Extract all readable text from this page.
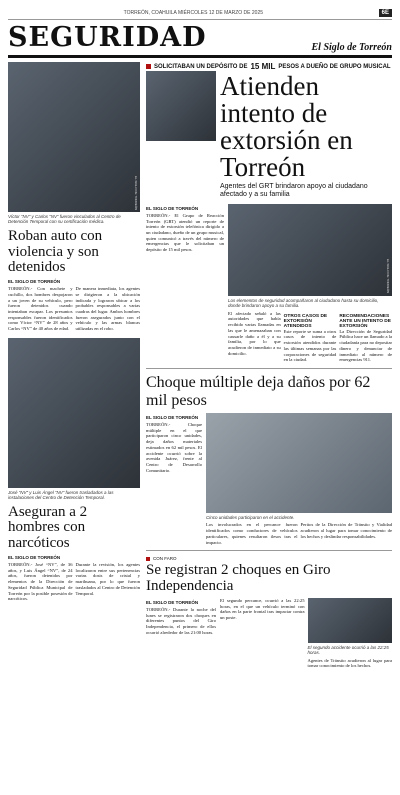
TORREÓN, COAHUILA MIÉRCOLES 12 DE MARZO DE 2025	6E
SEGURIDAD	El Siglo de Torreón
EL SIGLO DE TORREÓN
Víctor “NV” y Carlos “NV” fueron vinculados al Centro de Detención Temporal con su certificación médica.
Roban auto con violencia y son detenidos
EL SIGLO DE TORREÓN

TORREÓN.- Con machete y cuchillo, dos hombres despojaron a un joven de su vehículo, pero fueron detenidos cuando intentaban escapar. Los presuntos responsables fueron identificados como Víctor “NV” de 28 años y Carlos “NV” de 40 años de edad.

De manera inmediata, los agentes se dirigieron a la ubicación indicada y lograron ubicar a los probables responsables a varias cuadras del lugar. Ambos hombres fueron asegurados junto con el vehículo y las armas blancas utilizadas en el robo.

José “NV” y Luis Ángel “NV” fueron trasladados a las instalaciones del Centro de Detención Temporal.
Aseguran a 2 hombres con narcóticos
EL SIGLO DE TORREÓN

TORREÓN.- José “NV”, de 36 años, y Luis Ángel “NV”, de 24 años, fueron detenidos por elementos de la Dirección de Seguridad Pública Municipal de Torreón por la posible posesión de narcóticos.

Durante la revisión, los agentes localizaron entre sus pertenencias varias dosis de cristal y marihuana, por lo que fueron trasladados al Centro de Detención Temporal.

SOLICITABAN UN DEPÓSITO DE 15 MIL PESOS A DUEÑO DE GRUPO MUSICAL
Atienden intento de extorsión en Torreón
Agentes del GRT brindaron apoyo al ciudadano afectado y a su familia
EL SIGLO DE TORREÓN

TORREÓN.- El Grupo de Reacción Torreón (GRT) atendió un reporte de intento de extorsión telefónica dirigido a un ciudadano, dueño de un grupo musical, quien comunicó a través del número de emergencias que le solicitaban un depósito de 15 mil pesos.

EL SIGLO DE TORREÓN
Los elementos de seguridad acompañaron al ciudadano hasta su domicilio, donde brindaron apoyo a su familia.

El afectado señaló a las autoridades que había recibido varias llamadas en las que le amenazaban con causarle daño a él y a su familia, por lo que acudieron de inmediato a su domicilio.

OTROS CASOS DE EXTORSIÓN ATENDIDOS

Este reporte se suma a otros casos de intento de extorsión atendidos durante las últimas semanas por las corporaciones de seguridad en la ciudad.

RECOMENDACIONES ANTE UN INTENTO DE EXTORSIÓN

La Dirección de Seguridad Pública hace un llamado a la ciudadanía para no depositar dinero y denunciar de inmediato al número de emergencias 911.

Choque múltiple deja daños por 62 mil pesos
EL SIGLO DE TORREÓN

TORREÓN.- Choque múltiple en el que participaron cinco unidades, deja daños materiales estimados en 62 mil pesos. El accidente ocurrió sobre la avenida Juárez, frente al Centro de Desarrollo Comunitario.

Cinco unidades participaron en el accidente.

Los involucrados en el percance fueron identificados como conductores de vehículos particulares, quienes resultaron ilesos tras el impacto.

Peritos de la Dirección de Tránsito y Vialidad acudieron al lugar para tomar conocimiento de los hechos y deslindar responsabilidades.

CON FARO
Se registran 2 choques en Giro Independencia
EL SIGLO DE TORREÓN

TORREÓN.- Durante la noche del lunes se registraron dos choques en diferentes puntos del Giro Independencia, el primero de ellos ocurrió alrededor de las 21:00 horas.

El segundo percance, ocurrió a las 22:25 horas, en el que un vehículo terminó con daños en la parte frontal tras impactar contra un poste.

El segundo accidente ocurrió a las 22:25 horas.

Agentes de Tránsito acudieron al lugar para tomar conocimiento de los hechos.
